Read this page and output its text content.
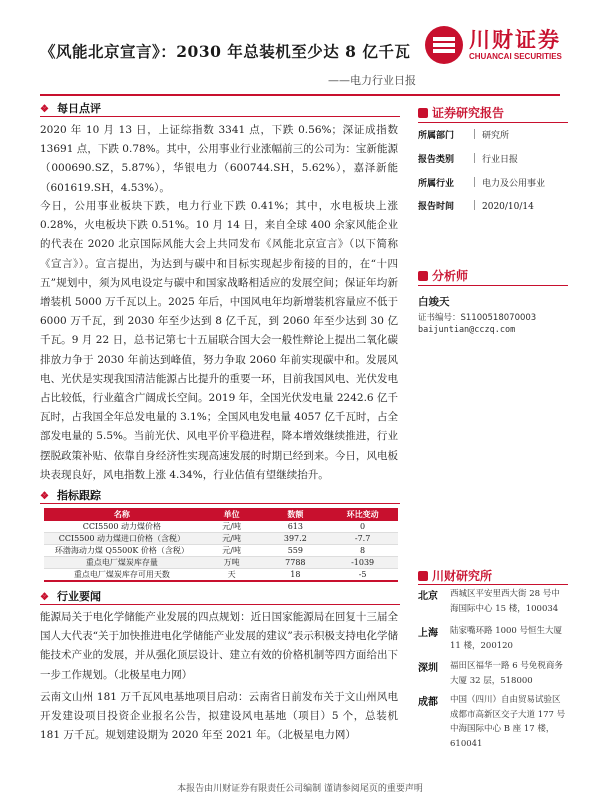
《风能北京宣言》：2030 年总装机至少达 8 亿千瓦
——电力行业日报
川财证券
CHUANCAI SECURITIES
❖ 每日点评
2020 年 10 月 13 日，上证综指数 3341 点，下跌 0.56%；深证成指数 13691 点，下跌 0.78%。其中，公用事业行业涨幅前三的公司为：宝新能源（000690.SZ，5.87%），华银电力（600744.SH，5.62%），嘉泽新能（601619.SH，4.53%）。
今日，公用事业板块下跌，电力行业下跌 0.41%；其中，水电板块上涨 0.28%，火电板块下跌 0.51%。10 月 14 日，来自全球 400 余家风能企业的代表在 2020 北京国际风能大会上共同发布《风能北京宣言》（以下简称《宣言》）。宣言提出，为达到与碳中和目标实现起步衔接的目的，在“十四五”规划中，须为风电设定与碳中和国家战略相适应的发展空间；保证年均新增装机 5000 万千瓦以上。2025 年后，中国风电年均新增装机容量应不低于 6000 万千瓦，到 2030 年至少达到 8 亿千瓦，到 2060 年至少达到 30 亿千瓦。9 月 22 日，总书记第七十五届联合国大会一般性辩论上提出二氧化碳排放力争于 2030 年前达到峰值，努力争取 2060 年前实现碳中和。发展风电、光伏是实现我国清洁能源占比提升的重要一环，目前我国风电、光伏发电占比较低，行业蕴含广阔成长空间。2019 年，全国光伏发电量 2242.6 亿千瓦时，占我国全年总发电量的 3.1%；全国风电发电量 4057 亿千瓦时，占全部发电量的 5.5%。当前光伏、风电平价平稳进程，降本增效继续推进，行业摆脱政策补贴、依靠自身经济性实现高速发展的时期已经到来。今日，风电板块表现良好，风电指数上涨 4.34%，行业估值有望继续抬升。
❖ 指标跟踪
名称	单位	数额	环比变动
CCI5500 动力煤价格	元/吨	613	0
CCI5500 动力煤进口价格（含税）	元/吨	397.2	-7.7
环渤海动力煤 Q5500K 价格（含税）	元/吨	559	8
重点电厂煤炭库存量	万吨	7788	-1039
重点电厂煤炭库存可用天数	天	18	-5
❖ 行业要闻
能源局关于电化学储能产业发展的四点规划：近日国家能源局在回复十三届全国人大代表“关于加快推进电化学储能产业发展的建议”表示积极支持电化学储能技术产业的发展，并从强化顶层设计、建立有效的价格机制等四方面给出下一步工作规划。（北极星电力网）
云南文山州 181 万千瓦风电基地项目启动：云南省日前发布关于文山州风电开发建设项目投资企业报名公告，拟建设风电基地（项目）5 个，总装机 181 万千瓦。规划建设期为 2020 年至 2021 年。（北极星电力网）
证券研究报告
所属部门	研究所
报告类别	行业日报
所属行业	电力及公用事业
报告时间	2020/10/14
分析师
白竣天
证书编号：S1100518070003
baijuntian@cczq.com
川财研究所
北京 西城区平安里西大街 28 号中海国际中心 15 楼，100034
上海 陆家嘴环路 1000 号恒生大厦 11 楼，200120
深圳 福田区福华一路 6 号免税商务大厦 32 层，518000
成都 中国（四川）自由贸易试验区成都市高新区交子大道 177 号中海国际中心 B 座 17 楼，610041
本报告由川财证券有限责任公司编制 谨请参阅尾页的重要声明
